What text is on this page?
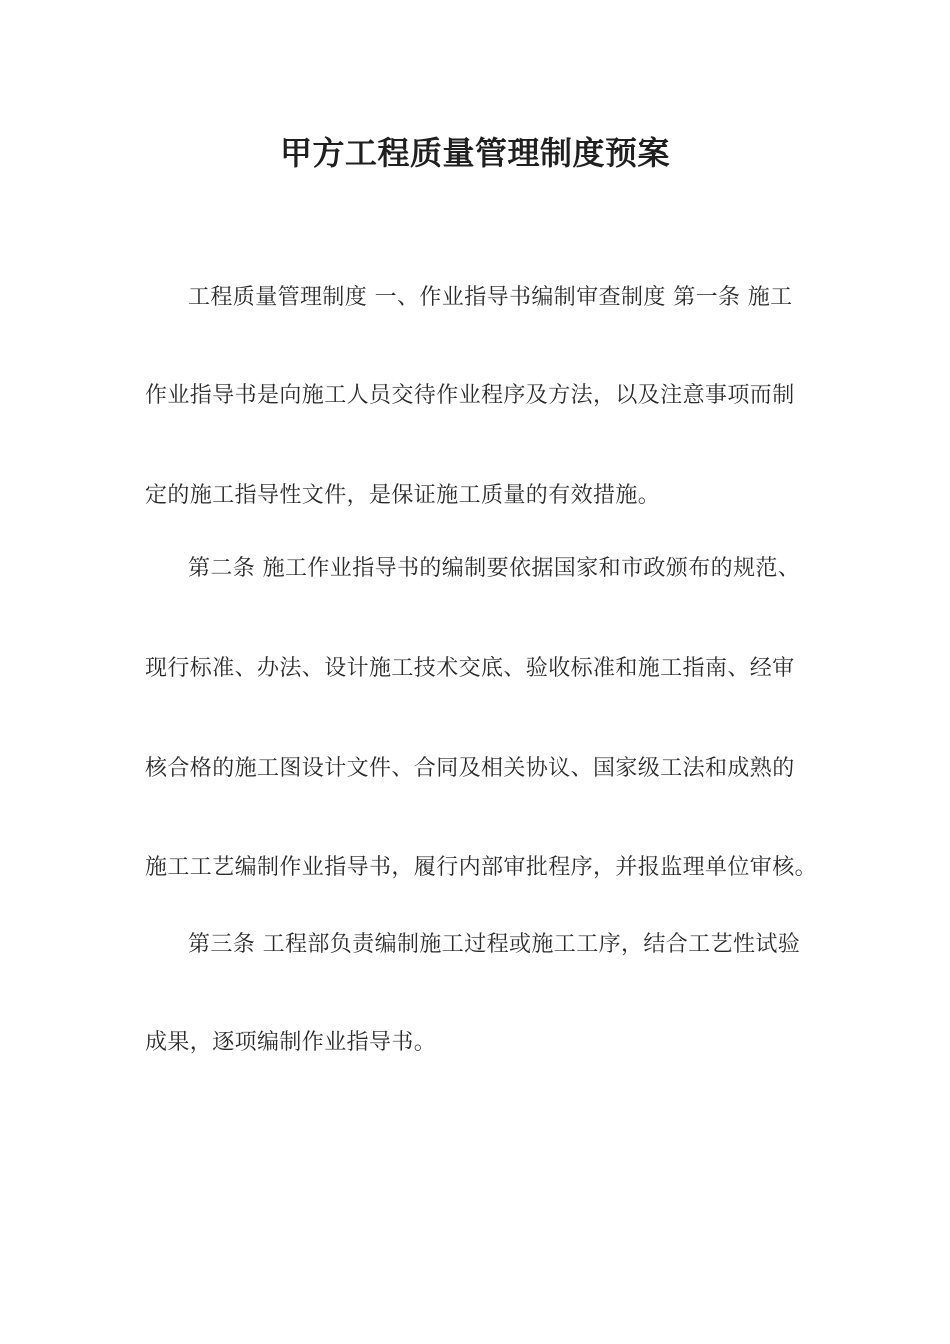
甲方工程质量管理制度预案
工程质量管理制度 一、作业指导书编制审查制度 第一条 施工
作业指导书是向施工人员交待作业程序及方法，以及注意事项而制
定的施工指导性文件，是保证施工质量的有效措施。
第二条 施工作业指导书的编制要依据国家和市政颁布的规范、
现行标准、办法、设计施工技术交底、验收标准和施工指南、经审
核合格的施工图设计文件、合同及相关协议、国家级工法和成熟的
施工工艺编制作业指导书，履行内部审批程序，并报监理单位审核。
第三条 工程部负责编制施工过程或施工工序，结合工艺性试验
成果，逐项编制作业指导书。
